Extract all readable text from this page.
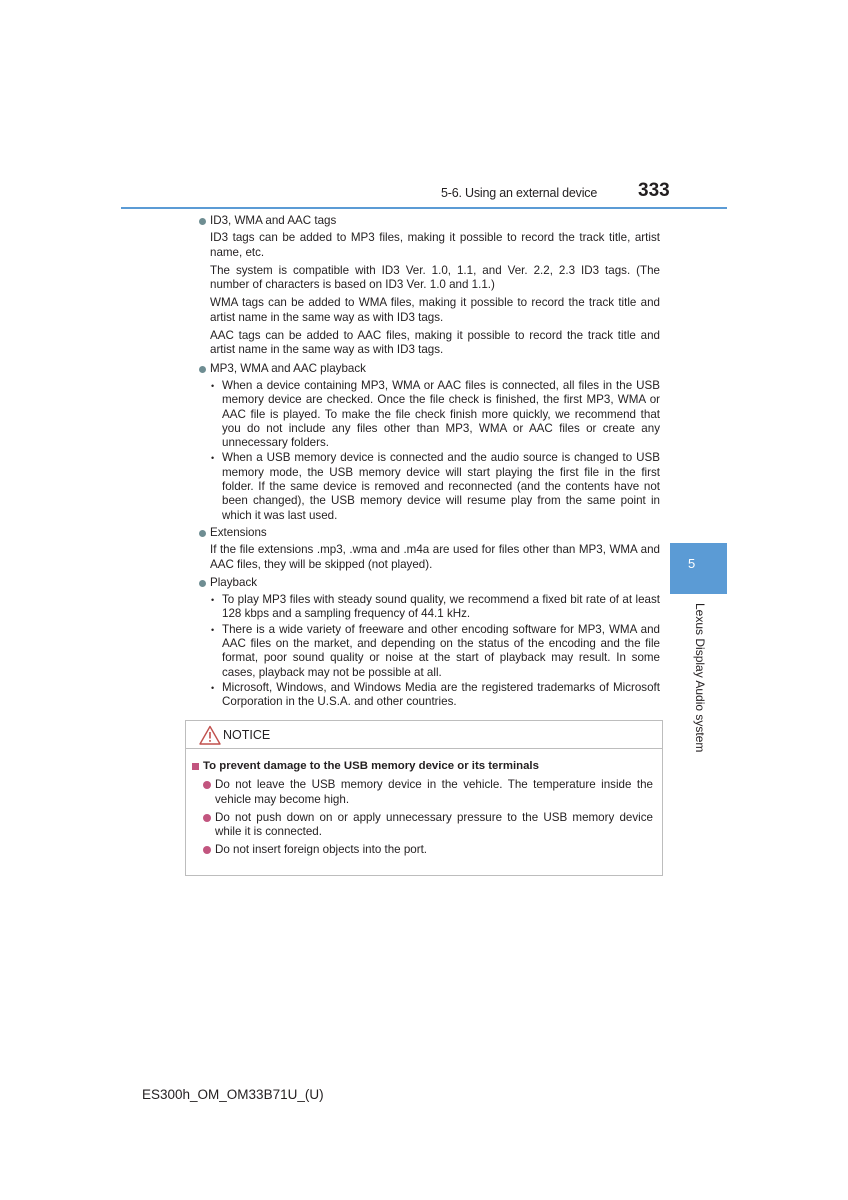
5-6. Using an external device 333
5
Lexus Display Audio system
ID3, WMA and AAC tags

ID3 tags can be added to MP3 files, making it possible to record the track title, artist name, etc.

The system is compatible with ID3 Ver. 1.0, 1.1, and Ver. 2.2, 2.3 ID3 tags. (The number of characters is based on ID3 Ver. 1.0 and 1.1.)

WMA tags can be added to WMA files, making it possible to record the track title and artist name in the same way as with ID3 tags.

AAC tags can be added to AAC files, making it possible to record the track title and artist name in the same way as with ID3 tags.

MP3, WMA and AAC playback
• When a device containing MP3, WMA or AAC files is connected, all files in the USB memory device are checked. Once the file check is finished, the first MP3, WMA or AAC file is played. To make the file check finish more quickly, we recommend that you do not include any files other than MP3, WMA or AAC files or create any unnecessary folders.
• When a USB memory device is connected and the audio source is changed to USB memory mode, the USB memory device will start playing the first file in the first folder. If the same device is removed and reconnected (and the contents have not been changed), the USB memory device will resume play from the same point in which it was last used.
Extensions

If the file extensions .mp3, .wma and .m4a are used for files other than MP3, WMA and AAC files, they will be skipped (not played).

Playback
• To play MP3 files with steady sound quality, we recommend a fixed bit rate of at least 128 kbps and a sampling frequency of 44.1 kHz.
• There is a wide variety of freeware and other encoding software for MP3, WMA and AAC files on the market, and depending on the status of the encoding and the file format, poor sound quality or noise at the start of playback may result. In some cases, playback may not be possible at all.
• Microsoft, Windows, and Windows Media are the registered trademarks of Microsoft Corporation in the U.S.A. and other countries.
NOTICE
To prevent damage to the USB memory device or its terminals
Do not leave the USB memory device in the vehicle. The temperature inside the vehicle may become high.
Do not push down on or apply unnecessary pressure to the USB memory device while it is connected.
Do not insert foreign objects into the port.
ES300h_OM_OM33B71U_(U)
